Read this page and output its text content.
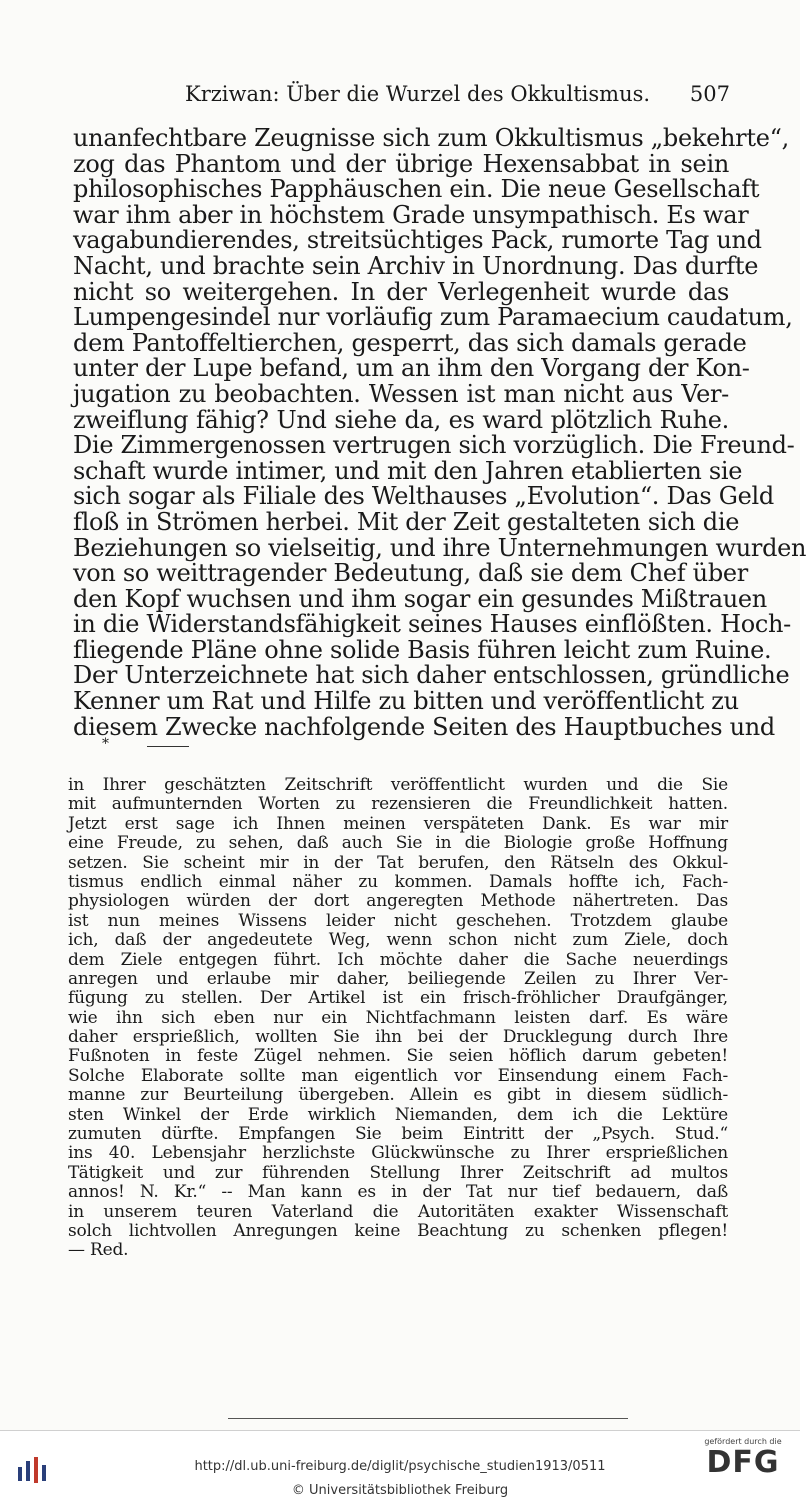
Krziwan: Über die Wurzel des Okkultismus. 507
unanfechtbare Zeugnisse sich zum Okkultismus „bekehrte“,
zog das Phantom und der übrige Hexensabbat in sein
philosophisches Papphäuschen ein. Die neue Gesellschaft
war ihm aber in höchstem Grade unsympathisch. Es war
vagabundierendes, streitsüchtiges Pack, rumorte Tag und
Nacht, und brachte sein Archiv in Unordnung. Das durfte
nicht so weitergehen. In der Verlegenheit wurde das
Lumpengesindel nur vorläufig zum Paramaecium caudatum,
dem Pantoffeltierchen, gesperrt, das sich damals gerade
unter der Lupe befand, um an ihm den Vorgang der Kon-
jugation zu beobachten. Wessen ist man nicht aus Ver-
zweiflung fähig? Und siehe da, es ward plötzlich Ruhe.
Die Zimmergenossen vertrugen sich vorzüglich. Die Freund-
schaft wurde intimer, und mit den Jahren etablierten sie
sich sogar als Filiale des Welthauses „Evolution“. Das Geld
floß in Strömen herbei. Mit der Zeit gestalteten sich die
Beziehungen so vielseitig, und ihre Unternehmungen wurden
von so weittragender Bedeutung, daß sie dem Chef über
den Kopf wuchsen und ihm sogar ein gesundes Mißtrauen
in die Widerstandsfähigkeit seines Hauses einflößten. Hoch-
fliegende Pläne ohne solide Basis führen leicht zum Ruine.
Der Unterzeichnete hat sich daher entschlossen, gründliche
Kenner um Rat und Hilfe zu bitten und veröffentlicht zu
diesem Zwecke nachfolgende Seiten des Hauptbuches und
*
in Ihrer geschätzten Zeitschrift veröffentlicht wurden und die Sie
mit aufmunternden Worten zu rezensieren die Freundlichkeit hatten.
Jetzt erst sage ich Ihnen meinen verspäteten Dank. Es war mir
eine Freude, zu sehen, daß auch Sie in die Biologie große Hoffnung
setzen. Sie scheint mir in der Tat berufen, den Rätseln des Okkul-
tismus endlich einmal näher zu kommen. Damals hoffte ich, Fach-
physiologen würden der dort angeregten Methode nähertreten. Das
ist nun meines Wissens leider nicht geschehen. Trotzdem glaube
ich, daß der angedeutete Weg, wenn schon nicht zum Ziele, doch
dem Ziele entgegen führt. Ich möchte daher die Sache neuerdings
anregen und erlaube mir daher, beiliegende Zeilen zu Ihrer Ver-
fügung zu stellen. Der Artikel ist ein frisch-fröhlicher Draufgänger,
wie ihn sich eben nur ein Nichtfachmann leisten darf. Es wäre
daher ersprießlich, wollten Sie ihn bei der Drucklegung durch Ihre
Fußnoten in feste Zügel nehmen. Sie seien höflich darum gebeten!
Solche Elaborate sollte man eigentlich vor Einsendung einem Fach-
manne zur Beurteilung übergeben. Allein es gibt in diesem südlich-
sten Winkel der Erde wirklich Niemanden, dem ich die Lektüre
zumuten dürfte. Empfangen Sie beim Eintritt der „Psych. Stud.“
ins 40. Lebensjahr herzlichste Glückwünsche zu Ihrer ersprießlichen
Tätigkeit und zur führenden Stellung Ihrer Zeitschrift ad multos
annos! N. Kr.“ -- Man kann es in der Tat nur tief bedauern, daß
in unserem teuren Vaterland die Autoritäten exakter Wissenschaft
solch lichtvollen Anregungen keine Beachtung zu schenken pflegen!
— Red.
http://dl.ub.uni-freiburg.de/diglit/psychische_studien1913/0511
© Universitätsbibliothek Freiburg
gefördert durch die
DFG
